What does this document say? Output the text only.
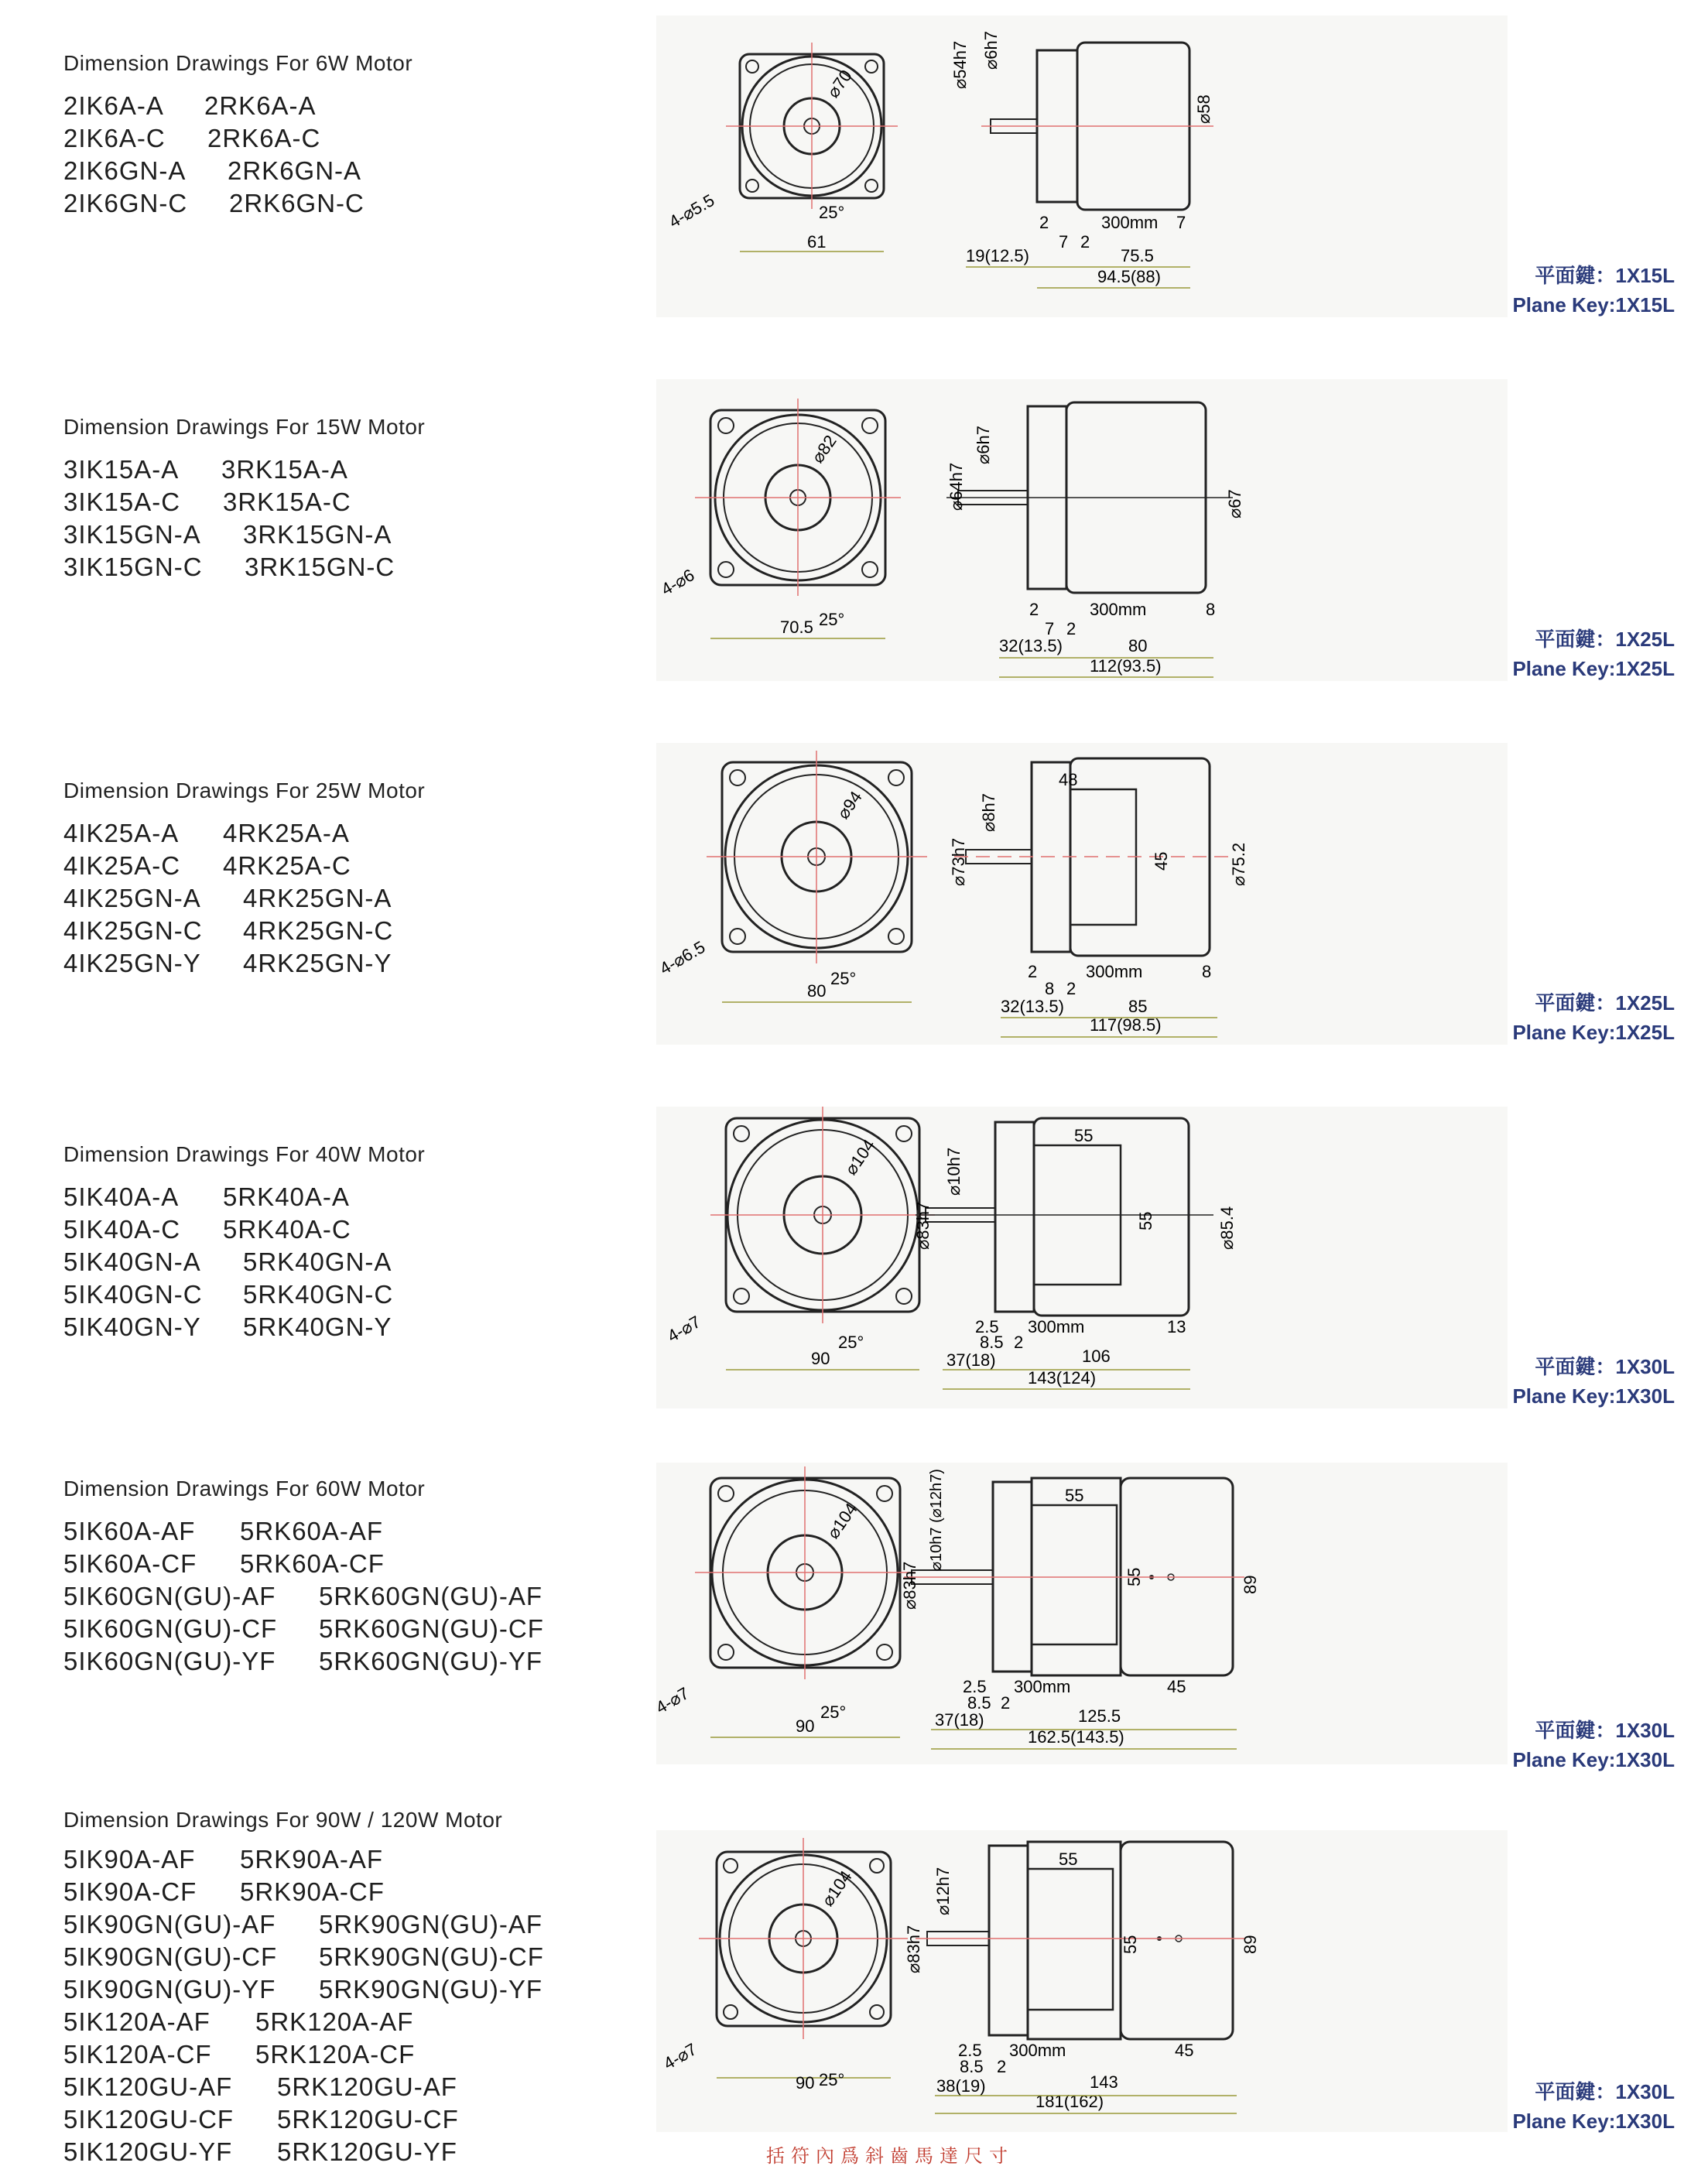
Dimension Drawings For 6W Motor
2IK6A-A	2RK6A-A
2IK6A-C	2RK6A-C
2IK6GN-A	2RK6GN-A
2IK6GN-C	2RK6GN-C
61
25°
4-⌀5.5
⌀70	⌀54h7 ⌀6h7
⌀58
2
7 2
300mm 7
19(12.5)	75.5
94.5(88)	平面鍵：1X15L
Plane Key:1X15L
Dimension Drawings For 15W Motor
3IK15A-A	3RK15A-A
3IK15A-C	3RK15A-C
3IK15GN-A	3RK15GN-A
3IK15GN-C	3RK15GN-C
70.5 25°
4-⌀6
⌀82
⌀64h7
⌀6h7
⌀67
2
7 2
300mm	8
32(13.5)	80
112(93.5)
平面鍵：1X25L
Plane Key:1X25L
Dimension Drawings For 25W Motor
4IK25A-A	4RK25A-A
4IK25A-C	4RK25A-C
4IK25GN-A	4RK25GN-A
4IK25GN-C	4RK25GN-C
4IK25GN-Y	4RK25GN-Y
80
25°
4-⌀6.5
⌀94
48
45
⌀73h7
⌀8h7
⌀75.2
2
8 2
300mm	8
32(13.5)	85
117(98.5)
平面鍵：1X25L
Plane Key:1X25L
Dimension Drawings For 40W Motor
5IK40A-A	5RK40A-A
5IK40A-C	5RK40A-C
5IK40GN-A	5RK40GN-A
5IK40GN-C	5RK40GN-C
5IK40GN-Y	5RK40GN-Y
90
25°
4-⌀7
⌀104
55
55
⌀83h7
⌀10h7
⌀85.4
2.5
8.5 2
300mm	13
37(18)	106
143(124)	平面鍵：1X30L
Plane Key:1X30L
Dimension Drawings For 60W Motor
5IK60A-AF	5RK60A-AF
5IK60A-CF	5RK60A-CF
5IK60GN(GU)-AF	5RK60GN(GU)-AF
5IK60GN(GU)-CF	5RK60GN(GU)-CF
5IK60GN(GU)-YF	5RK60GN(GU)-YF
90
25°
4-⌀7
⌀104
55
55
⌀83h7
⌀10h7 (⌀12h7)
89
2.5
8.5 2
300mm	45
37(18)	125.5
162.5(143.5)	平面鍵：1X30L
Plane Key:1X30L
Dimension Drawings For 90W / 120W Motor
5IK90A-AF	5RK90A-AF
5IK90A-CF	5RK90A-CF
5IK90GN(GU)-AF	5RK90GN(GU)-AF
5IK90GN(GU)-CF	5RK90GN(GU)-CF
5IK90GN(GU)-YF	5RK90GN(GU)-YF
5IK120A-AF	5RK120A-AF
5IK120A-CF	5RK120A-CF
5IK120GU-AF	5RK120GU-AF
5IK120GU-CF	5RK120GU-CF
5IK120GU-YF	5RK120GU-YF
90 25°
4-⌀7
⌀104
55
55
⌀83h7
⌀12h7
89
2.5
8.5 2
300mm	45
38(19)	143
181(162)	平面鍵：1X30L
Plane Key:1X30L
括符內爲斜齒馬達尺寸
